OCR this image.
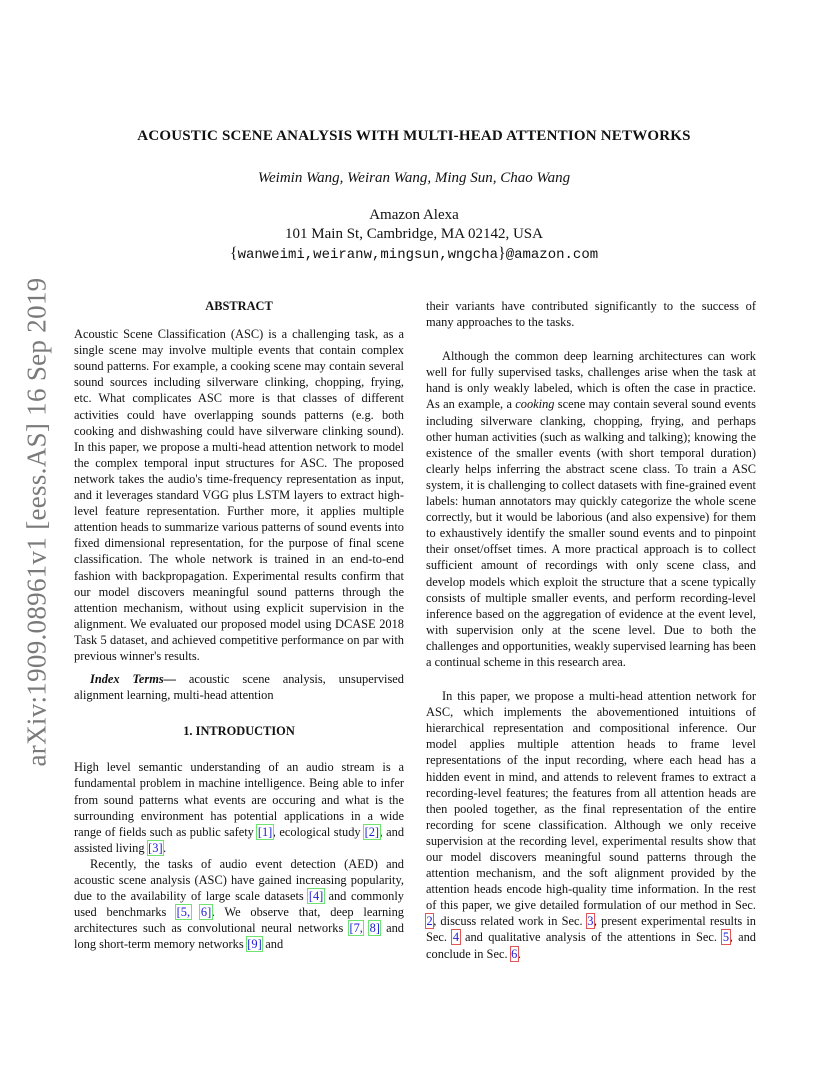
arXiv:1909.08961v1 [eess.AS] 16 Sep 2019
ACOUSTIC SCENE ANALYSIS WITH MULTI-HEAD ATTENTION NETWORKS
Weimin Wang, Weiran Wang, Ming Sun, Chao Wang
Amazon Alexa
101 Main St, Cambridge, MA 02142, USA
{wanweimi,weiranw,mingsun,wngcha}@amazon.com

ABSTRACT

Acoustic Scene Classification (ASC) is a challenging task, as a single scene may involve multiple events that contain complex sound patterns. For example, a cooking scene may contain several sound sources including silverware clinking, chopping, frying, etc. What complicates ASC more is that classes of different activities could have overlapping sounds patterns (e.g. both cooking and dishwashing could have silverware clinking sound). In this paper, we propose a multi-head attention network to model the complex temporal input structures for ASC. The proposed network takes the audio's time-frequency representation as input, and it leverages standard VGG plus LSTM layers to extract high-level feature representation. Further more, it applies multiple attention heads to summarize various patterns of sound events into fixed dimensional representation, for the purpose of final scene classification. The whole network is trained in an end-to-end fashion with backpropagation. Experimental results confirm that our model discovers meaningful sound patterns through the attention mechanism, without using explicit supervision in the alignment. We evaluated our proposed model using DCASE 2018 Task 5 dataset, and achieved competitive performance on par with previous winner's results.

Index Terms— acoustic scene analysis, unsupervised alignment learning, multi-head attention

1. INTRODUCTION

High level semantic understanding of an audio stream is a fundamental problem in machine intelligence. Being able to infer from sound patterns what events are occuring and what is the surrounding environment has potential applications in a wide range of fields such as public safety [1], ecological study [2], and assisted living [3].

Recently, the tasks of audio event detection (AED) and acoustic scene analysis (ASC) have gained increasing popularity, due to the availability of large scale datasets [4] and commonly used benchmarks [5, 6]. We observe that, deep learning architectures such as convolutional neural networks [7, 8] and long short-term memory networks [9] and

their variants have contributed significantly to the success of many approaches to the tasks.

Although the common deep learning architectures can work well for fully supervised tasks, challenges arise when the task at hand is only weakly labeled, which is often the case in practice. As an example, a cooking scene may contain several sound events including silverware clanking, chopping, frying, and perhaps other human activities (such as walking and talking); knowing the existence of the smaller events (with short temporal duration) clearly helps inferring the abstract scene class. To train a ASC system, it is challenging to collect datasets with fine-grained event labels: human annotators may quickly categorize the whole scene correctly, but it would be laborious (and also expensive) for them to exhaustively identify the smaller sound events and to pinpoint their onset/offset times. A more practical approach is to collect sufficient amount of recordings with only scene class, and develop models which exploit the structure that a scene typically consists of multiple smaller events, and perform recording-level inference based on the aggregation of evidence at the event level, with supervision only at the scene level. Due to both the challenges and opportunities, weakly supervised learning has been a continual scheme in this research area.

In this paper, we propose a multi-head attention network for ASC, which implements the abovementioned intuitions of hierarchical representation and compositional inference. Our model applies multiple attention heads to frame level representations of the input recording, where each head has a hidden event in mind, and attends to relevent frames to extract a recording-level features; the features from all attention heads are then pooled together, as the final representation of the entire recording for scene classification. Although we only receive supervision at the recording level, experimental results show that our model discovers meaningful sound patterns through the attention mechanism, and the soft alignment provided by the attention heads encode high-quality time information. In the rest of this paper, we give detailed formulation of our method in Sec. 2, discuss related work in Sec. 3, present experimental results in Sec. 4 and qualitative analysis of the attentions in Sec. 5, and conclude in Sec. 6.
